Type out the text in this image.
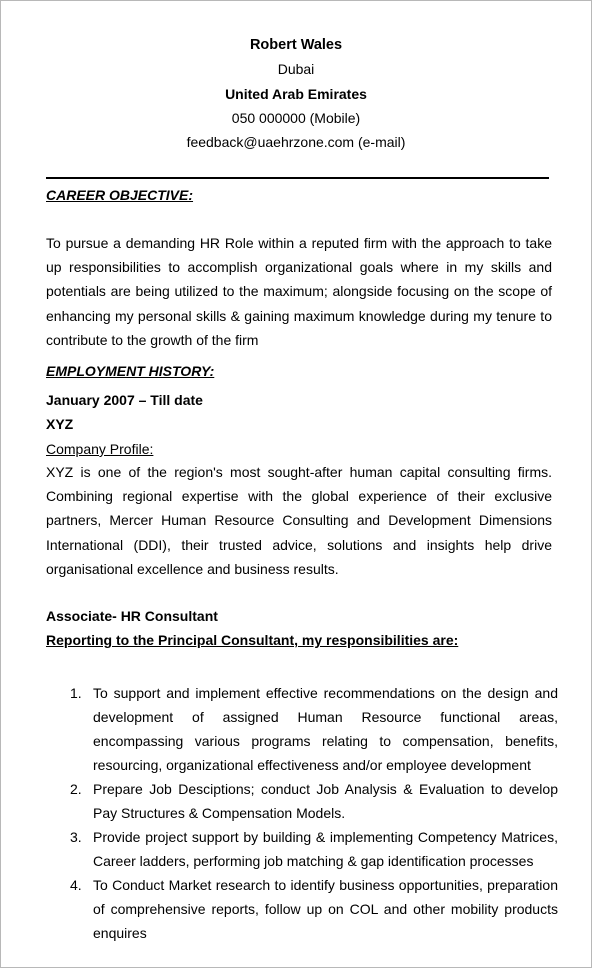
Robert Wales
Dubai
United Arab Emirates
050 000000 (Mobile)
feedback@uaehrzone.com (e-mail)
CAREER OBJECTIVE:
To pursue a demanding HR Role within a reputed firm with the approach to take up responsibilities to accomplish organizational goals where in my skills and potentials are being utilized to the maximum; alongside focusing on the scope of enhancing my personal skills & gaining maximum knowledge during my tenure to contribute to the growth of the firm
EMPLOYMENT HISTORY:
January 2007 – Till date
XYZ
Company Profile:
XYZ is one of the region's most sought-after human capital consulting firms. Combining regional expertise with the global experience of their exclusive partners, Mercer Human Resource Consulting and Development Dimensions International (DDI), their trusted advice, solutions and insights help drive organisational excellence and business results.
Associate- HR Consultant
Reporting to the Principal Consultant, my responsibilities are:
1. To support and implement effective recommendations on the design and development of assigned Human Resource functional areas, encompassing various programs relating to compensation, benefits, resourcing, organizational effectiveness and/or employee development
2. Prepare Job Desciptions; conduct Job Analysis & Evaluation to develop Pay Structures & Compensation Models.
3. Provide project support by building & implementing Competency Matrices, Career ladders, performing job matching & gap identification processes
4. To Conduct Market research to identify business opportunities, preparation of comprehensive reports, follow up on COL and other mobility products enquires
